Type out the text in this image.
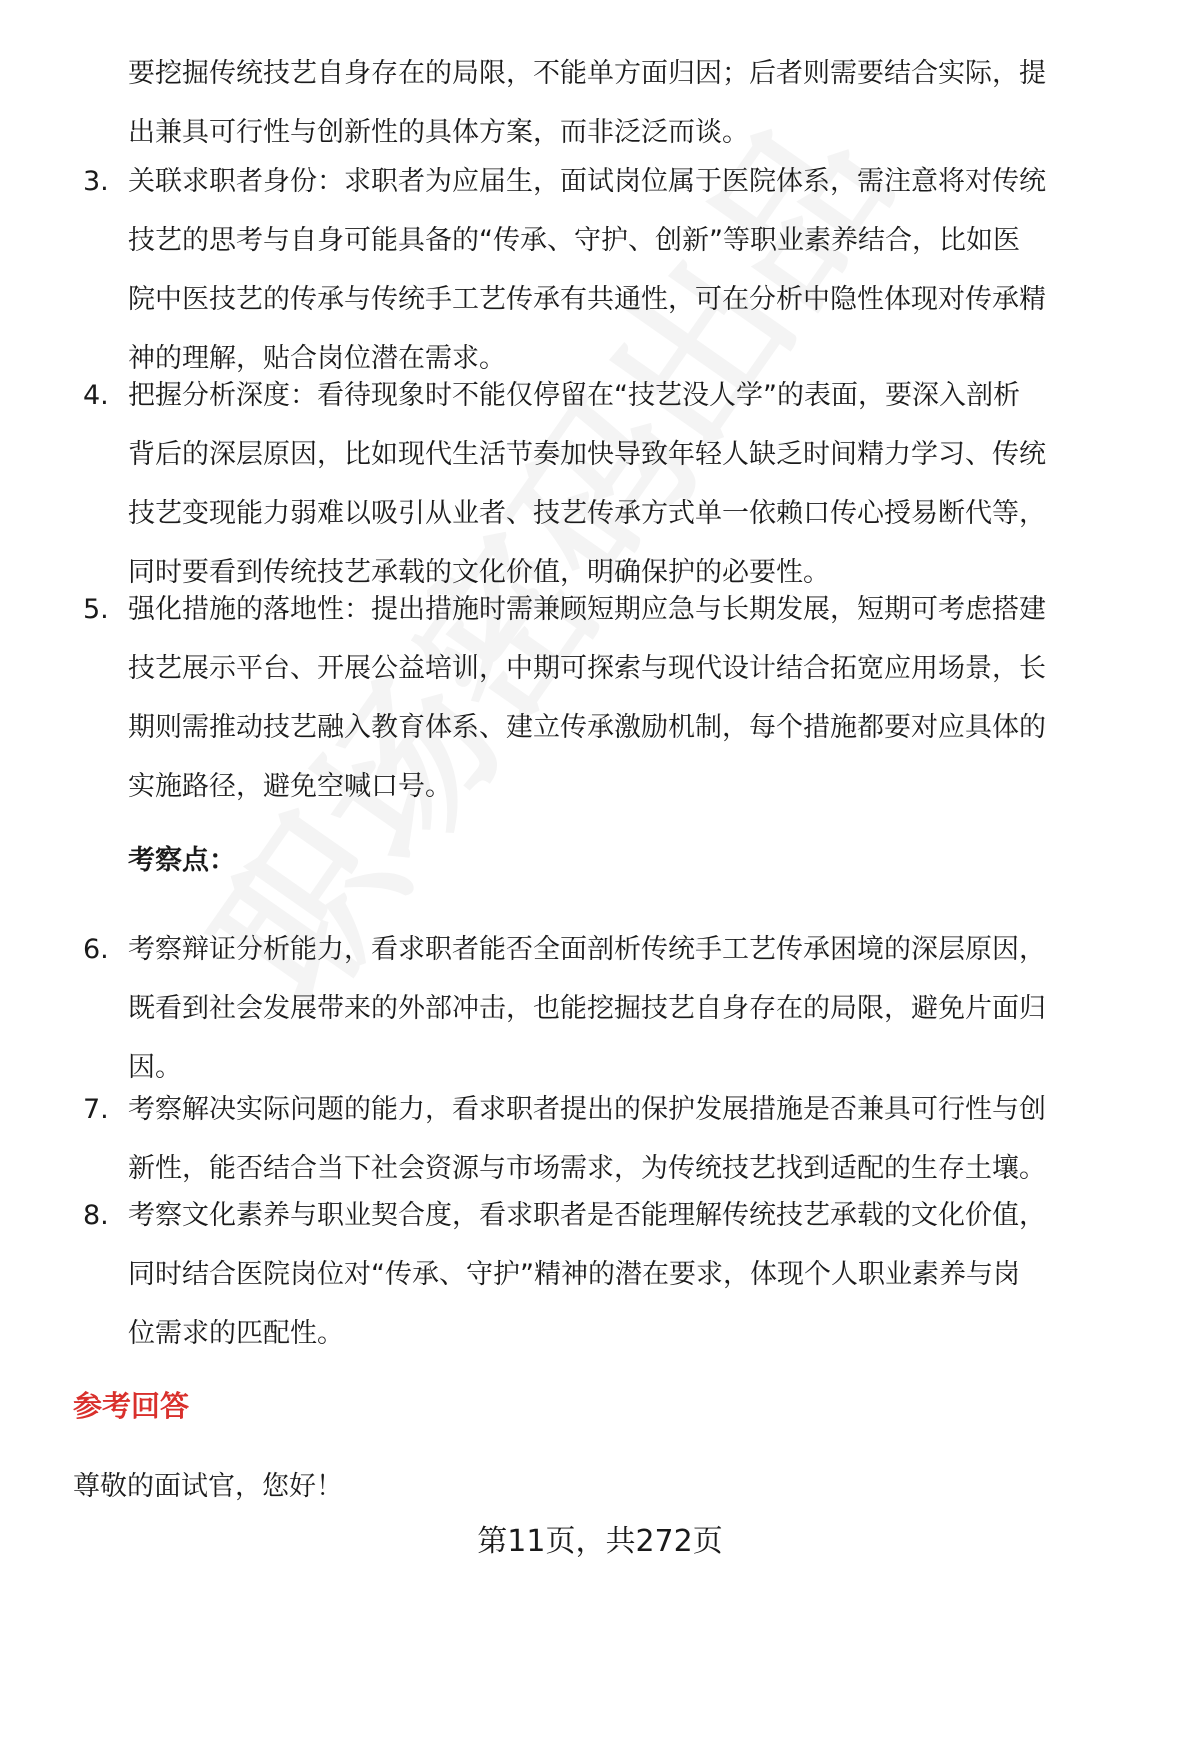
要挖掘传统技艺自身存在的局限，不能单方面归因；后者则需要结合实际，提
出兼具可行性与创新性的具体方案，而非泛泛而谈。
3. 关联求职者身份：求职者为应届生，面试岗位属于医院体系，需注意将对传统
技艺的思考与自身可能具备的“传承、守护、创新”等职业素养结合，比如医
院中医技艺的传承与传统手工艺传承有共通性，可在分析中隐性体现对传承精
神的理解，贴合岗位潜在需求。
4. 把握分析深度：看待现象时不能仅停留在“技艺没人学”的表面，要深入剖析
背后的深层原因，比如现代生活节奏加快导致年轻人缺乏时间精力学习、传统
技艺变现能力弱难以吸引从业者、技艺传承方式单一依赖口传心授易断代等，
同时要看到传统技艺承载的文化价值，明确保护的必要性。
5. 强化措施的落地性：提出措施时需兼顾短期应急与长期发展，短期可考虑搭建
技艺展示平台、开展公益培训，中期可探索与现代设计结合拓宽应用场景，长
期则需推动技艺融入教育体系、建立传承激励机制，每个措施都要对应具体的
实施路径，避免空喊口号。
考察点：
6. 考察辩证分析能力，看求职者能否全面剖析传统手工艺传承困境的深层原因，
既看到社会发展带来的外部冲击，也能挖掘技艺自身存在的局限，避免片面归
因。
7. 考察解决实际问题的能力，看求职者提出的保护发展措施是否兼具可行性与创
新性，能否结合当下社会资源与市场需求，为传统技艺找到适配的生存土壤。
8. 考察文化素养与职业契合度，看求职者是否能理解传统技艺承载的文化价值，
同时结合医院岗位对“传承、守护”精神的潜在要求，体现个人职业素养与岗
位需求的匹配性。
参考回答
尊敬的面试官，您好！
第11页，共272页
